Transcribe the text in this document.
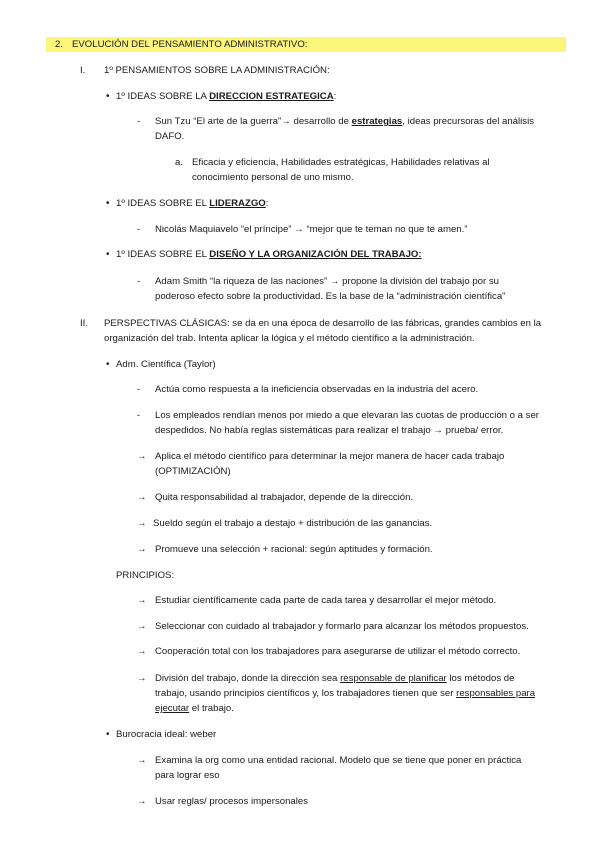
2. EVOLUCIÓN DEL PENSAMIENTO ADMINISTRATIVO:
I. 1º PENSAMIENTOS SOBRE LA ADMINISTRACIÓN:
• 1º IDEAS SOBRE LA DIRECCION ESTRATEGICA:
- Sun Tzu “El arte de la guerra”→ desarrollo de estrategias, ideas precursoras del análisis
DAFO.
a. Eficacia y eficiencia, Habilidades estratégicas, Habilidades relativas al
conocimiento personal de uno mismo.
• 1º IDEAS SOBRE EL LIDERAZGO:
- Nicolás Maquiavelo “el príncipe” → “mejor que te teman no que te amen.”
• 1º IDEAS SOBRE EL DISEÑO Y LA ORGANIZACIÓN DEL TRABAJO:
- Adam Smith “la riqueza de las naciones” → propone la división del trabajo por su
poderoso efecto sobre la productividad. Es la base de la “administración científica”
II. PERSPECTIVAS CLÁSICAS: se da en una época de desarrollo de las fábricas, grandes cambios en la
organización del trab. Intenta aplicar la lógica y el método científico a la administración.
• Adm. Científica (Taylor)
- Actúa como respuesta a la ineficiencia observadas en la industria del acero.
- Los empleados rendían menos por miedo a que elevaran las cuotas de producción o a ser
despedidos. No había reglas sistemáticas para realizar el trabajo → prueba/ error.
→ Aplica el método científico para determinar la mejor manera de hacer cada trabajo
(OPTIMIZACIÓN)
→ Quita responsabilidad al trabajador, depende de la dirección.
→ Sueldo según el trabajo a destajo + distribución de las ganancias.
→ Promueve una selección + racional: según aptitudes y formación.
PRINCIPIOS:
→ Estudiar científicamente cada parte de cada tarea y desarrollar el mejor método.
→ Seleccionar con cuidado al trabajador y formarlo para alcanzar los métodos propuestos.
→ Cooperación total con los trabajadores para asegurarse de utilizar el método correcto.
→ División del trabajo, donde la dirección sea responsable de planificar los métodos de
trabajo, usando principios científicos y, los trabajadores tienen que ser responsables para
ejecutar el trabajo.
• Burocracia ideal: weber
→ Examina la org como una entidad racional. Modelo que se tiene que poner en práctica
para lograr eso
→ Usar reglas/ procesos impersonales
